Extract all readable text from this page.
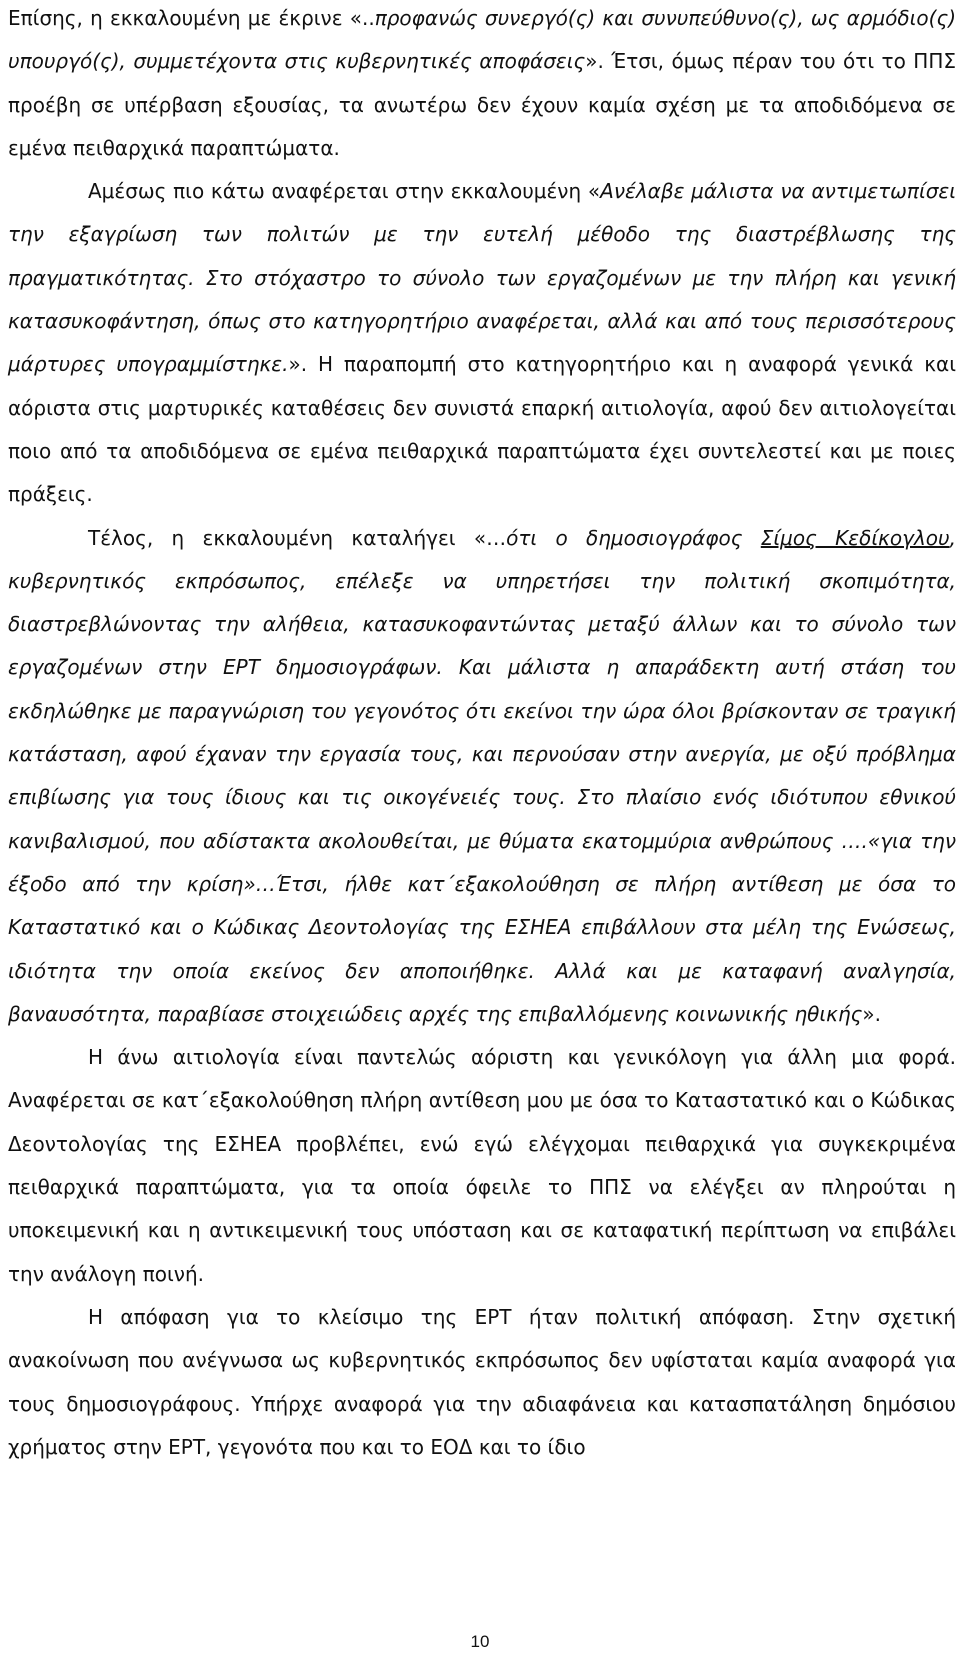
Επίσης, η εκκαλουμένη με έκρινε «..προφανώς συνεργό(ς) και συνυπεύθυνο(ς), ως αρμόδιο(ς) υπουργό(ς), συμμετέχοντα στις κυβερνητικές αποφάσεις». Έτσι, όμως πέραν του ότι το ΠΠΣ προέβη σε υπέρβαση εξουσίας, τα ανωτέρω δεν έχουν καμία σχέση με τα αποδιδόμενα σε εμένα πειθαρχικά παραπτώματα.

Αμέσως πιο κάτω αναφέρεται στην εκκαλουμένη «Ανέλαβε μάλιστα να αντιμετωπίσει την εξαγρίωση των πολιτών με την ευτελή μέθοδο της διαστρέβλωσης της πραγματικότητας. Στο στόχαστρο το σύνολο των εργαζομένων με την πλήρη και γενική κατασυκοφάντηση, όπως στο κατηγορητήριο αναφέρεται, αλλά και από τους περισσότερους μάρτυρες υπογραμμίστηκε.». Η παραπομπή στο κατηγορητήριο και η αναφορά γενικά και αόριστα στις μαρτυρικές καταθέσεις δεν συνιστά επαρκή αιτιολογία, αφού δεν αιτιολογείται ποιο από τα αποδιδόμενα σε εμένα πειθαρχικά παραπτώματα έχει συντελεστεί και με ποιες πράξεις.

Τέλος, η εκκαλουμένη καταλήγει «…ότι ο δημοσιογράφος Σίμος Κεδίκογλου, κυβερνητικός εκπρόσωπος, επέλεξε να υπηρετήσει την πολιτική σκοπιμότητα, διαστρεβλώνοντας την αλήθεια, κατασυκοφαντώντας μεταξύ άλλων και το σύνολο των εργαζομένων στην ΕΡΤ δημοσιογράφων. Και μάλιστα η απαράδεκτη αυτή στάση του εκδηλώθηκε με παραγνώριση του γεγονότος ότι εκείνοι την ώρα όλοι βρίσκονταν σε τραγική κατάσταση, αφού έχαναν την εργασία τους, και περνούσαν στην ανεργία, με οξύ πρόβλημα επιβίωσης για τους ίδιους και τις οικογένειές τους. Στο πλαίσιο ενός ιδιότυπου εθνικού κανιβαλισμού, που αδίστακτα ακολουθείται, με θύματα εκατομμύρια ανθρώπους ….«για την έξοδο από την κρίση»…Έτσι, ήλθε κατ΄εξακολούθηση σε πλήρη αντίθεση με όσα το Καταστατικό και ο Κώδικας Δεοντολογίας της ΕΣΗΕΑ επιβάλλουν στα μέλη της Ενώσεως, ιδιότητα την οποία εκείνος δεν αποποιήθηκε. Αλλά και με καταφανή αναλγησία, βαναυσότητα, παραβίασε στοιχειώδεις αρχές της επιβαλλόμενης κοινωνικής ηθικής».

Η άνω αιτιολογία είναι παντελώς αόριστη και γενικόλογη για άλλη μια φορά. Αναφέρεται σε κατ΄εξακολούθηση πλήρη αντίθεση μου με όσα το Καταστατικό και ο Κώδικας Δεοντολογίας της ΕΣΗΕΑ προβλέπει, ενώ εγώ ελέγχομαι πειθαρχικά για συγκεκριμένα πειθαρχικά παραπτώματα, για τα οποία όφειλε το ΠΠΣ να ελέγξει αν πληρούται η υποκειμενική και η αντικειμενική τους υπόσταση και σε καταφατική περίπτωση να επιβάλει την ανάλογη ποινή.

Η απόφαση για το κλείσιμο της ΕΡΤ ήταν πολιτική απόφαση. Στην σχετική ανακοίνωση που ανέγνωσα ως κυβερνητικός εκπρόσωπος δεν υφίσταται καμία αναφορά για τους δημοσιογράφους. Υπήρχε αναφορά για την αδιαφάνεια και κατασπατάληση δημόσιου χρήματος στην ΕΡΤ, γεγονότα που και το ΕΟΔ και το ίδιο

10
